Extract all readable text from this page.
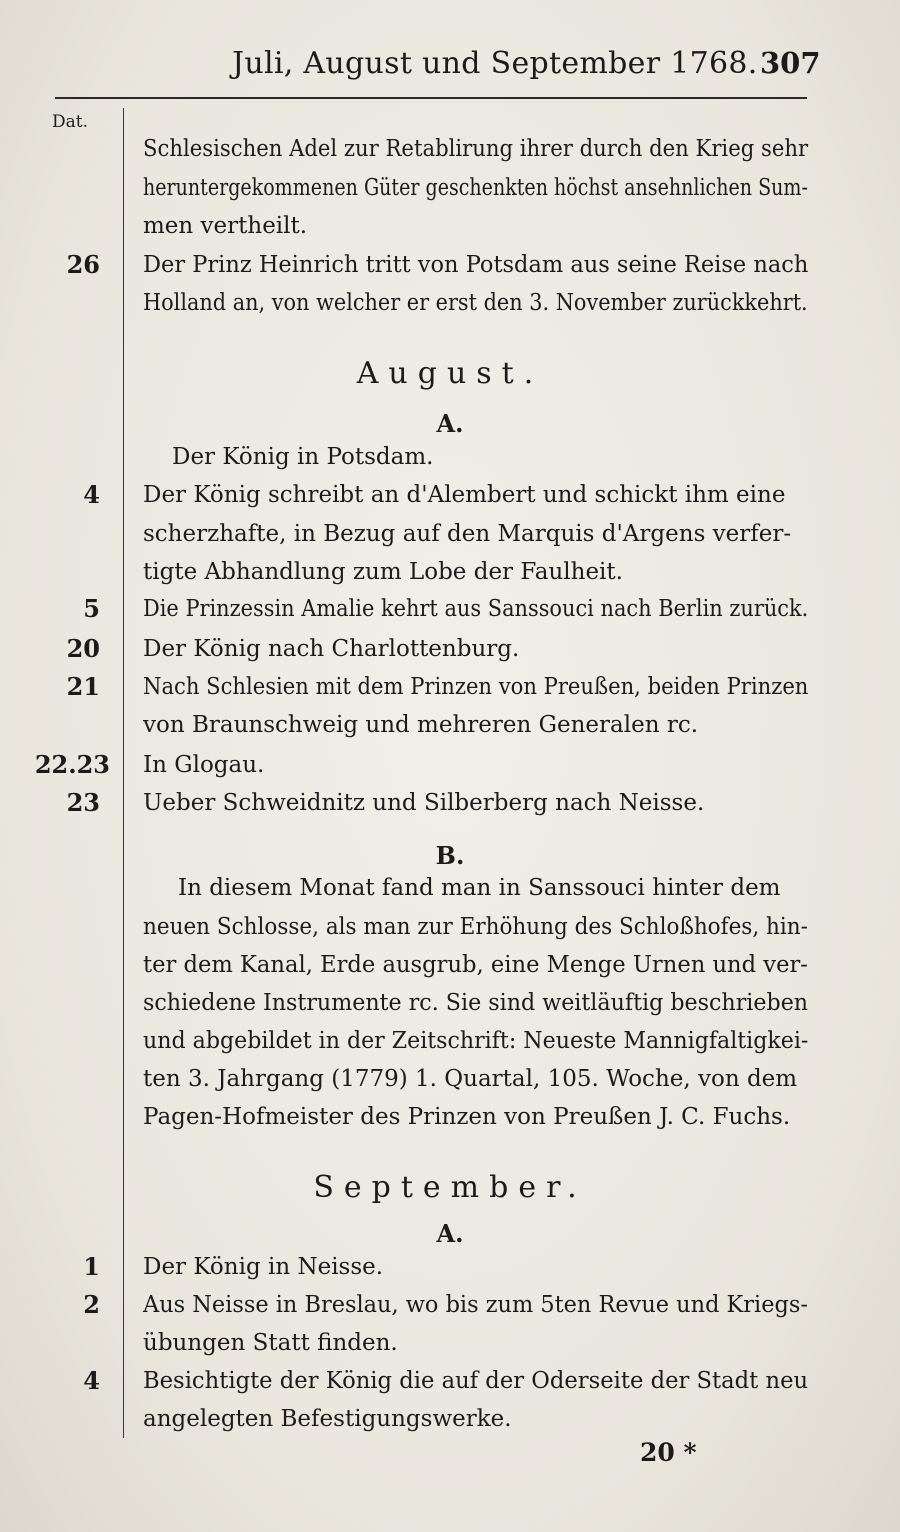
Juli, August und September 1768. 307
Dat.
Schlesischen Adel zur Retablirung ihrer durch den Krieg sehr
heruntergekommenen Güter geschenkten höchst ansehnlichen Sum-
men vertheilt.
26 Der Prinz Heinrich tritt von Potsdam aus seine Reise nach
Holland an, von welcher er erst den 3. November zurückkehrt.
August.
A.
Der König in Potsdam.
4 Der König schreibt an d'Alembert und schickt ihm eine
scherzhafte, in Bezug auf den Marquis d'Argens verfer-
tigte Abhandlung zum Lobe der Faulheit.
5 Die Prinzessin Amalie kehrt aus Sanssouci nach Berlin zurück.
20 Der König nach Charlottenburg.
21 Nach Schlesien mit dem Prinzen von Preußen, beiden Prinzen
von Braunschweig und mehreren Generalen rc.
22.23 In Glogau.
23 Ueber Schweidnitz und Silberberg nach Neisse.
B.
In diesem Monat fand man in Sanssouci hinter dem
neuen Schlosse, als man zur Erhöhung des Schloßhofes, hin-
ter dem Kanal, Erde ausgrub, eine Menge Urnen und ver-
schiedene Instrumente rc. Sie sind weitläuftig beschrieben
und abgebildet in der Zeitschrift: Neueste Mannigfaltigkei-
ten 3. Jahrgang (1779) 1. Quartal, 105. Woche, von dem
Pagen-Hofmeister des Prinzen von Preußen J. C. Fuchs.
September.
A.
1 Der König in Neisse.
2 Aus Neisse in Breslau, wo bis zum 5ten Revue und Kriegs-
übungen Statt finden.
4 Besichtigte der König die auf der Oderseite der Stadt neu
angelegten Befestigungswerke.
20 *
